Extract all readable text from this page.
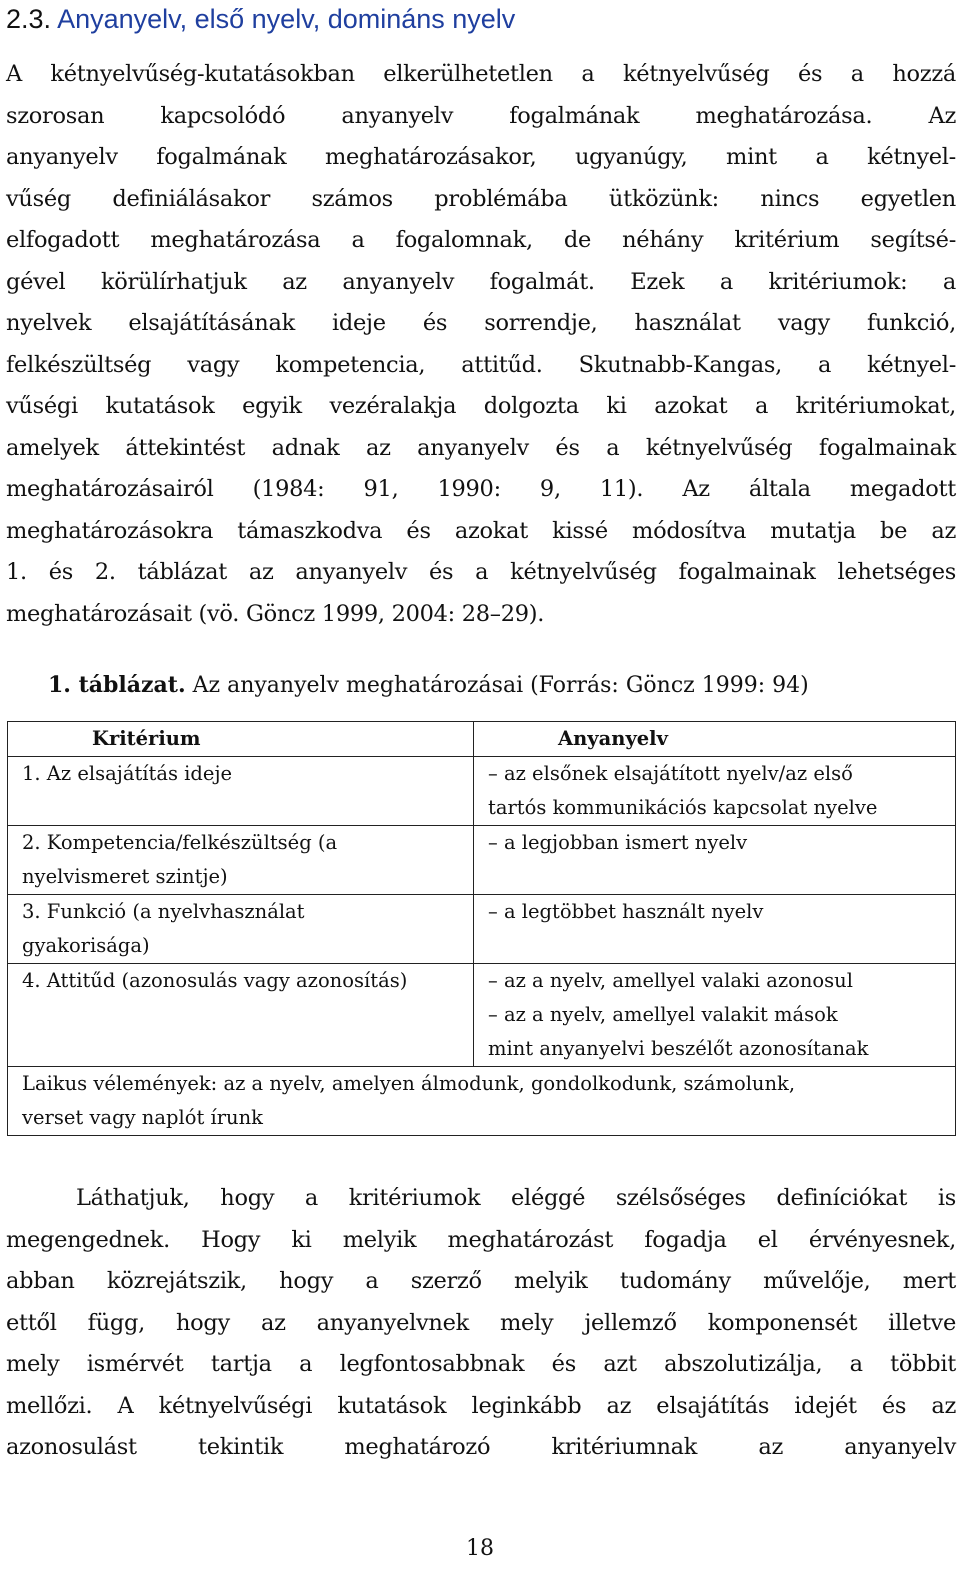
2.3. Anyanyelv, első nyelv, domináns nyelv
A kétnyelvűség-kutatásokban elkerülhetetlen a kétnyelvűség és a hozzá
szorosan kapcsolódó anyanyelv fogalmának meghatározása. Az
anyanyelv fogalmának meghatározásakor, ugyanúgy, mint a kétnyel-
vűség definiálásakor számos problémába ütközünk: nincs egyetlen
elfogadott meghatározása a fogalomnak, de néhány kritérium segítsé-
gével körülírhatjuk az anyanyelv fogalmát. Ezek a kritériumok: a
nyelvek elsajátításának ideje és sorrendje, használat vagy funkció,
felkészültség vagy kompetencia, attitűd. Skutnabb-Kangas, a kétnyel-
vűségi kutatások egyik vezéralakja dolgozta ki azokat a kritériumokat,
amelyek áttekintést adnak az anyanyelv és a kétnyelvűség fogalmainak
meghatározásairól (1984: 91, 1990: 9, 11). Az általa megadott
meghatározásokra támaszkodva és azokat kissé módosítva mutatja be az
1. és 2. táblázat az anyanyelv és a kétnyelvűség fogalmainak lehetséges
meghatározásait (vö. Göncz 1999, 2004: 28–29).

1. táblázat. Az anyanyelv meghatározásai (Forrás: Göncz 1999: 94)

Kritérium	Anyanyelv

1. Az elsajátítás ideje	– az elsőnek elsajátított nyelv/az első
tartós kommunikációs kapcsolat nyelve

2. Kompetencia/felkészültség (a
nyelvismeret szintje)	– a legjobban ismert nyelv

3. Funkció (a nyelvhasználat
gyakorisága)	– a legtöbbet használt nyelv

4. Attitűd (azonosulás vagy azonosítás)	– az a nyelv, amellyel valaki azonosul
– az a nyelv, amellyel valakit mások
mint anyanyelvi beszélőt azonosítanak

Laikus vélemények: az a nyelv, amelyen álmodunk, gondolkodunk, számolunk,
verset vagy naplót írunk	
Láthatjuk, hogy a kritériumok eléggé szélsőséges definíciókat is
megengednek. Hogy ki melyik meghatározást fogadja el érvényesnek,
abban közrejátszik, hogy a szerző melyik tudomány művelője, mert
ettől függ, hogy az anyanyelvnek mely jellemző komponensét illetve
mely ismérvét tartja a legfontosabbnak és azt abszolutizálja, a többit
mellőzi. A kétnyelvűségi kutatások leginkább az elsajátítás idejét és az
azonosulást tekintik meghatározó kritériumnak az anyanyelv
18
